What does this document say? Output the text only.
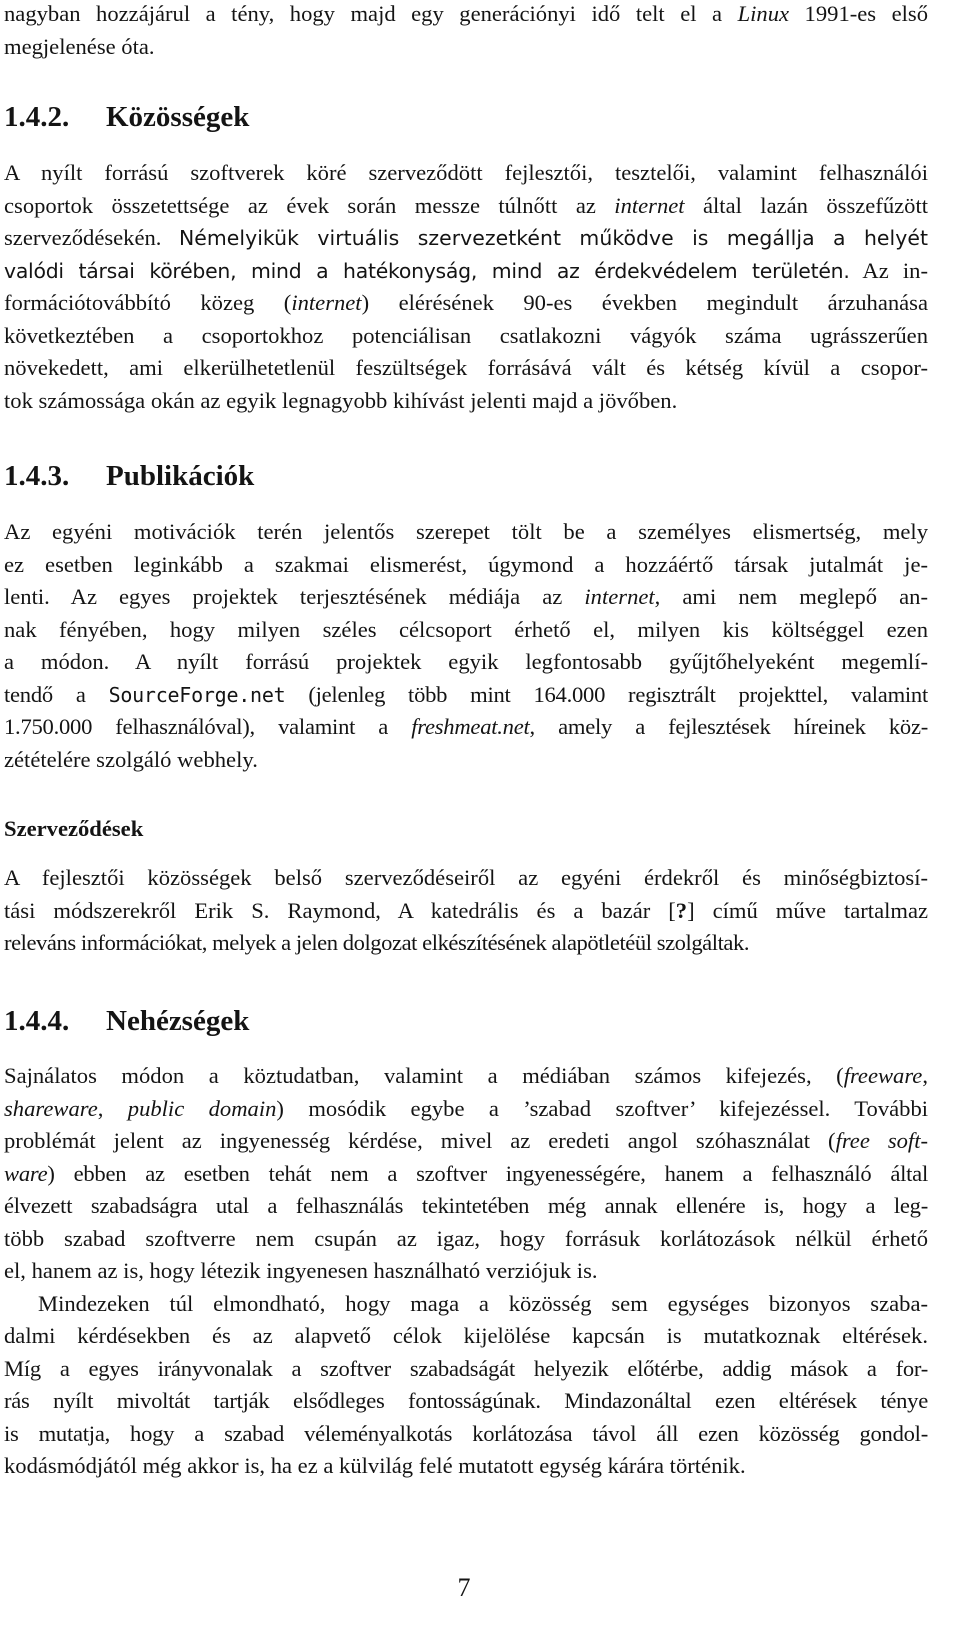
nagyban hozzájárul a tény, hogy majd egy generációnyi idő telt el a Linux 1991-es első
megjelenése óta.
1.4.2. Közösségek
A nyílt forrású szoftverek köré szerveződött fejlesztői, tesztelői, valamint felhasználói
csoportok összetettsége az évek során messze túlnőtt az internet által lazán összefűzött
szerveződésekén. Némelyikük virtuális szervezetként működve is megállja a helyét
valódi társai körében, mind a hatékonyság, mind az érdekvédelem területén. Az in-
formációtovábbító közeg (internet) elérésének 90-es években megindult árzuhanása
következtében a csoportokhoz potenciálisan csatlakozni vágyók száma ugrásszerűen
növekedett, ami elkerülhetetlenül feszültségek forrásává vált és kétség kívül a csopor-
tok számossága okán az egyik legnagyobb kihívást jelenti majd a jövőben.
1.4.3. Publikációk
Az egyéni motivációk terén jelentős szerepet tölt be a személyes elismertség, mely
ez esetben leginkább a szakmai elismerést, úgymond a hozzáértő társak jutalmát je-
lenti. Az egyes projektek terjesztésének médiája az internet, ami nem meglepő an-
nak fényében, hogy milyen széles célcsoport érhető el, milyen kis költséggel ezen
a módon. A nyílt forrású projektek egyik legfontosabb gyűjtőhelyeként megemlí-
tendő a SourceForge.net (jelenleg több mint 164.000 regisztrált projekttel, valamint
1.750.000 felhasználóval), valamint a freshmeat.net, amely a fejlesztések híreinek köz-
zétételére szolgáló webhely.
Szerveződések
A fejlesztői közösségek belső szerveződéseiről az egyéni érdekről és minőségbiztosí-
tási módszerekről Erik S. Raymond, A katedrális és a bazár [?] című műve tartalmaz
releváns információkat, melyek a jelen dolgozat elkészítésének alapötletéül szolgáltak.
1.4.4. Nehézségek
Sajnálatos módon a köztudatban, valamint a médiában számos kifejezés, (freeware,
shareware, public domain) mosódik egybe a ’szabad szoftver’ kifejezéssel. További
problémát jelent az ingyenesség kérdése, mivel az eredeti angol szóhasználat (free soft-
ware) ebben az esetben tehát nem a szoftver ingyenességére, hanem a felhasználó által
élvezett szabadságra utal a felhasználás tekintetében még annak ellenére is, hogy a leg-
több szabad szoftverre nem csupán az igaz, hogy forrásuk korlátozások nélkül érhető
el, hanem az is, hogy létezik ingyenesen használható verziójuk is.
Mindezeken túl elmondható, hogy maga a közösség sem egységes bizonyos szaba-
dalmi kérdésekben és az alapvető célok kijelölése kapcsán is mutatkoznak eltérések.
Míg a egyes irányvonalak a szoftver szabadságát helyezik előtérbe, addig mások a for-
rás nyílt mivoltát tartják elsődleges fontosságúnak. Mindazonáltal ezen eltérések ténye
is mutatja, hogy a szabad véleményalkotás korlátozása távol áll ezen közösség gondol-
kodásmódjától még akkor is, ha ez a külvilág felé mutatott egység kárára történik.
7
